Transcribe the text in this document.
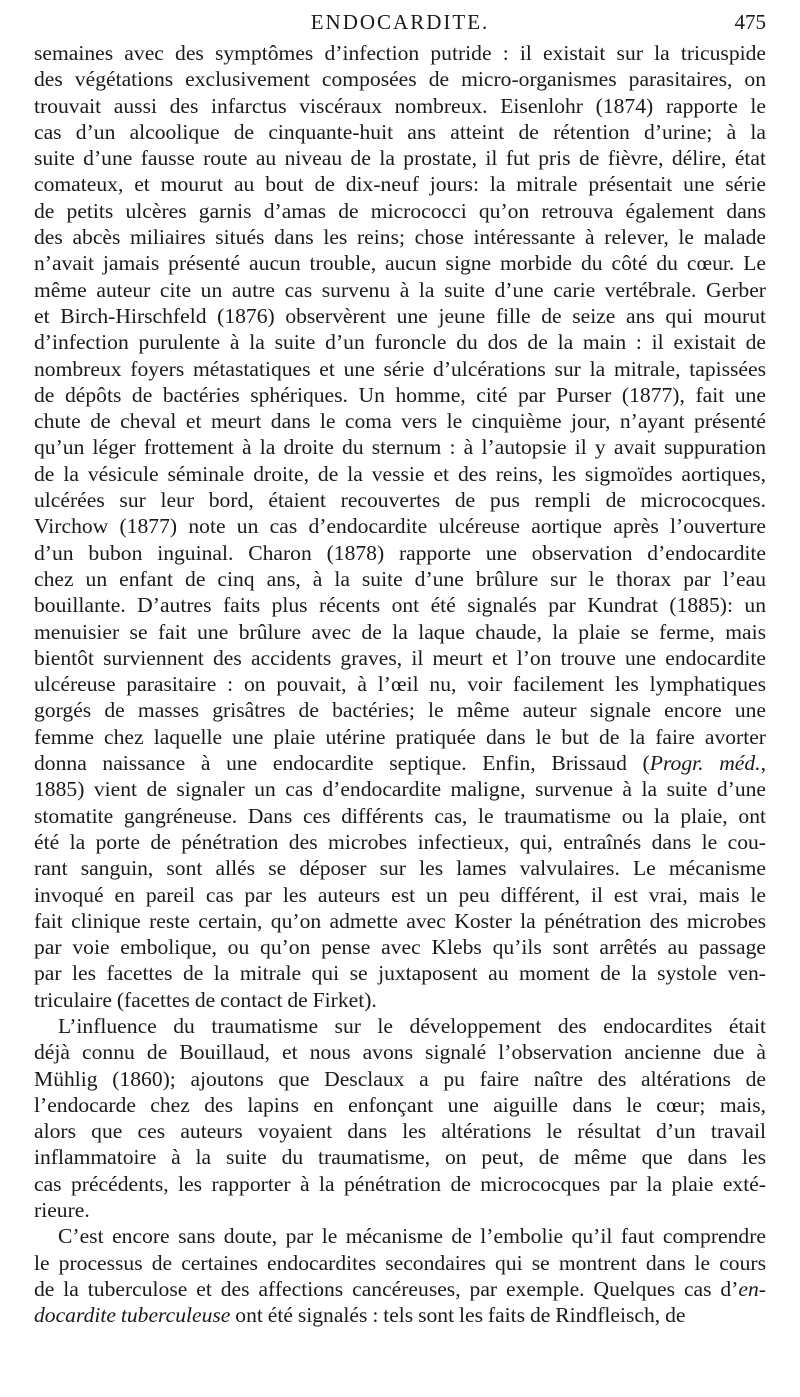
ENDOCARDITE.	475
semaines avec des symptômes d’infection putride : il existait sur la tricuspide
des végétations exclusivement composées de micro-organismes parasitaires, on
trouvait aussi des infarctus viscéraux nombreux. Eisenlohr (1874) rapporte le
cas d’un alcoolique de cinquante-huit ans atteint de rétention d’urine; à la
suite d’une fausse route au niveau de la prostate, il fut pris de fièvre, délire, état
comateux, et mourut au bout de dix-neuf jours: la mitrale présentait une série
de petits ulcères garnis d’amas de micrococci qu’on retrouva également dans
des abcès miliaires situés dans les reins; chose intéressante à relever, le malade
n’avait jamais présenté aucun trouble, aucun signe morbide du côté du cœur. Le
même auteur cite un autre cas survenu à la suite d’une carie vertébrale. Gerber
et Birch-Hirschfeld (1876) observèrent une jeune fille de seize ans qui mourut
d’infection purulente à la suite d’un furoncle du dos de la main : il existait de
nombreux foyers métastatiques et une série d’ulcérations sur la mitrale, tapissées
de dépôts de bactéries sphériques. Un homme, cité par Purser (1877), fait une
chute de cheval et meurt dans le coma vers le cinquième jour, n’ayant présenté
qu’un léger frottement à la droite du sternum : à l’autopsie il y avait suppuration
de la vésicule séminale droite, de la vessie et des reins, les sigmoïdes aortiques,
ulcérées sur leur bord, étaient recouvertes de pus rempli de micrococques.
Virchow (1877) note un cas d’endocardite ulcéreuse aortique après l’ouverture
d’un bubon inguinal. Charon (1878) rapporte une observation d’endocardite
chez un enfant de cinq ans, à la suite d’une brûlure sur le thorax par l’eau
bouillante. D’autres faits plus récents ont été signalés par Kundrat (1885): un
menuisier se fait une brûlure avec de la laque chaude, la plaie se ferme, mais
bientôt surviennent des accidents graves, il meurt et l’on trouve une endocardite
ulcéreuse parasitaire : on pouvait, à l’œil nu, voir facilement les lymphatiques
gorgés de masses grisâtres de bactéries; le même auteur signale encore une
femme chez laquelle une plaie utérine pratiquée dans le but de la faire avorter
donna naissance à une endocardite septique. Enfin, Brissaud (Progr. méd.,
1885) vient de signaler un cas d’endocardite maligne, survenue à la suite d’une
stomatite gangréneuse. Dans ces différents cas, le traumatisme ou la plaie, ont
été la porte de pénétration des microbes infectieux, qui, entraînés dans le cou-
rant sanguin, sont allés se déposer sur les lames valvulaires. Le mécanisme
invoqué en pareil cas par les auteurs est un peu différent, il est vrai, mais le
fait clinique reste certain, qu’on admette avec Koster la pénétration des microbes
par voie embolique, ou qu’on pense avec Klebs qu’ils sont arrêtés au passage
par les facettes de la mitrale qui se juxtaposent au moment de la systole ven-
triculaire (facettes de contact de Firket).
L’influence du traumatisme sur le développement des endocardites était
déjà connu de Bouillaud, et nous avons signalé l’observation ancienne due à
Mühlig (1860); ajoutons que Desclaux a pu faire naître des altérations de
l’endocarde chez des lapins en enfonçant une aiguille dans le cœur; mais,
alors que ces auteurs voyaient dans les altérations le résultat d’un travail
inflammatoire à la suite du traumatisme, on peut, de même que dans les
cas précédents, les rapporter à la pénétration de micrococques par la plaie exté-
rieure.
C’est encore sans doute, par le mécanisme de l’embolie qu’il faut comprendre
le processus de certaines endocardites secondaires qui se montrent dans le cours
de la tuberculose et des affections cancéreuses, par exemple. Quelques cas d’en-
docardite tuberculeuse ont été signalés : tels sont les faits de Rindfleisch, de
